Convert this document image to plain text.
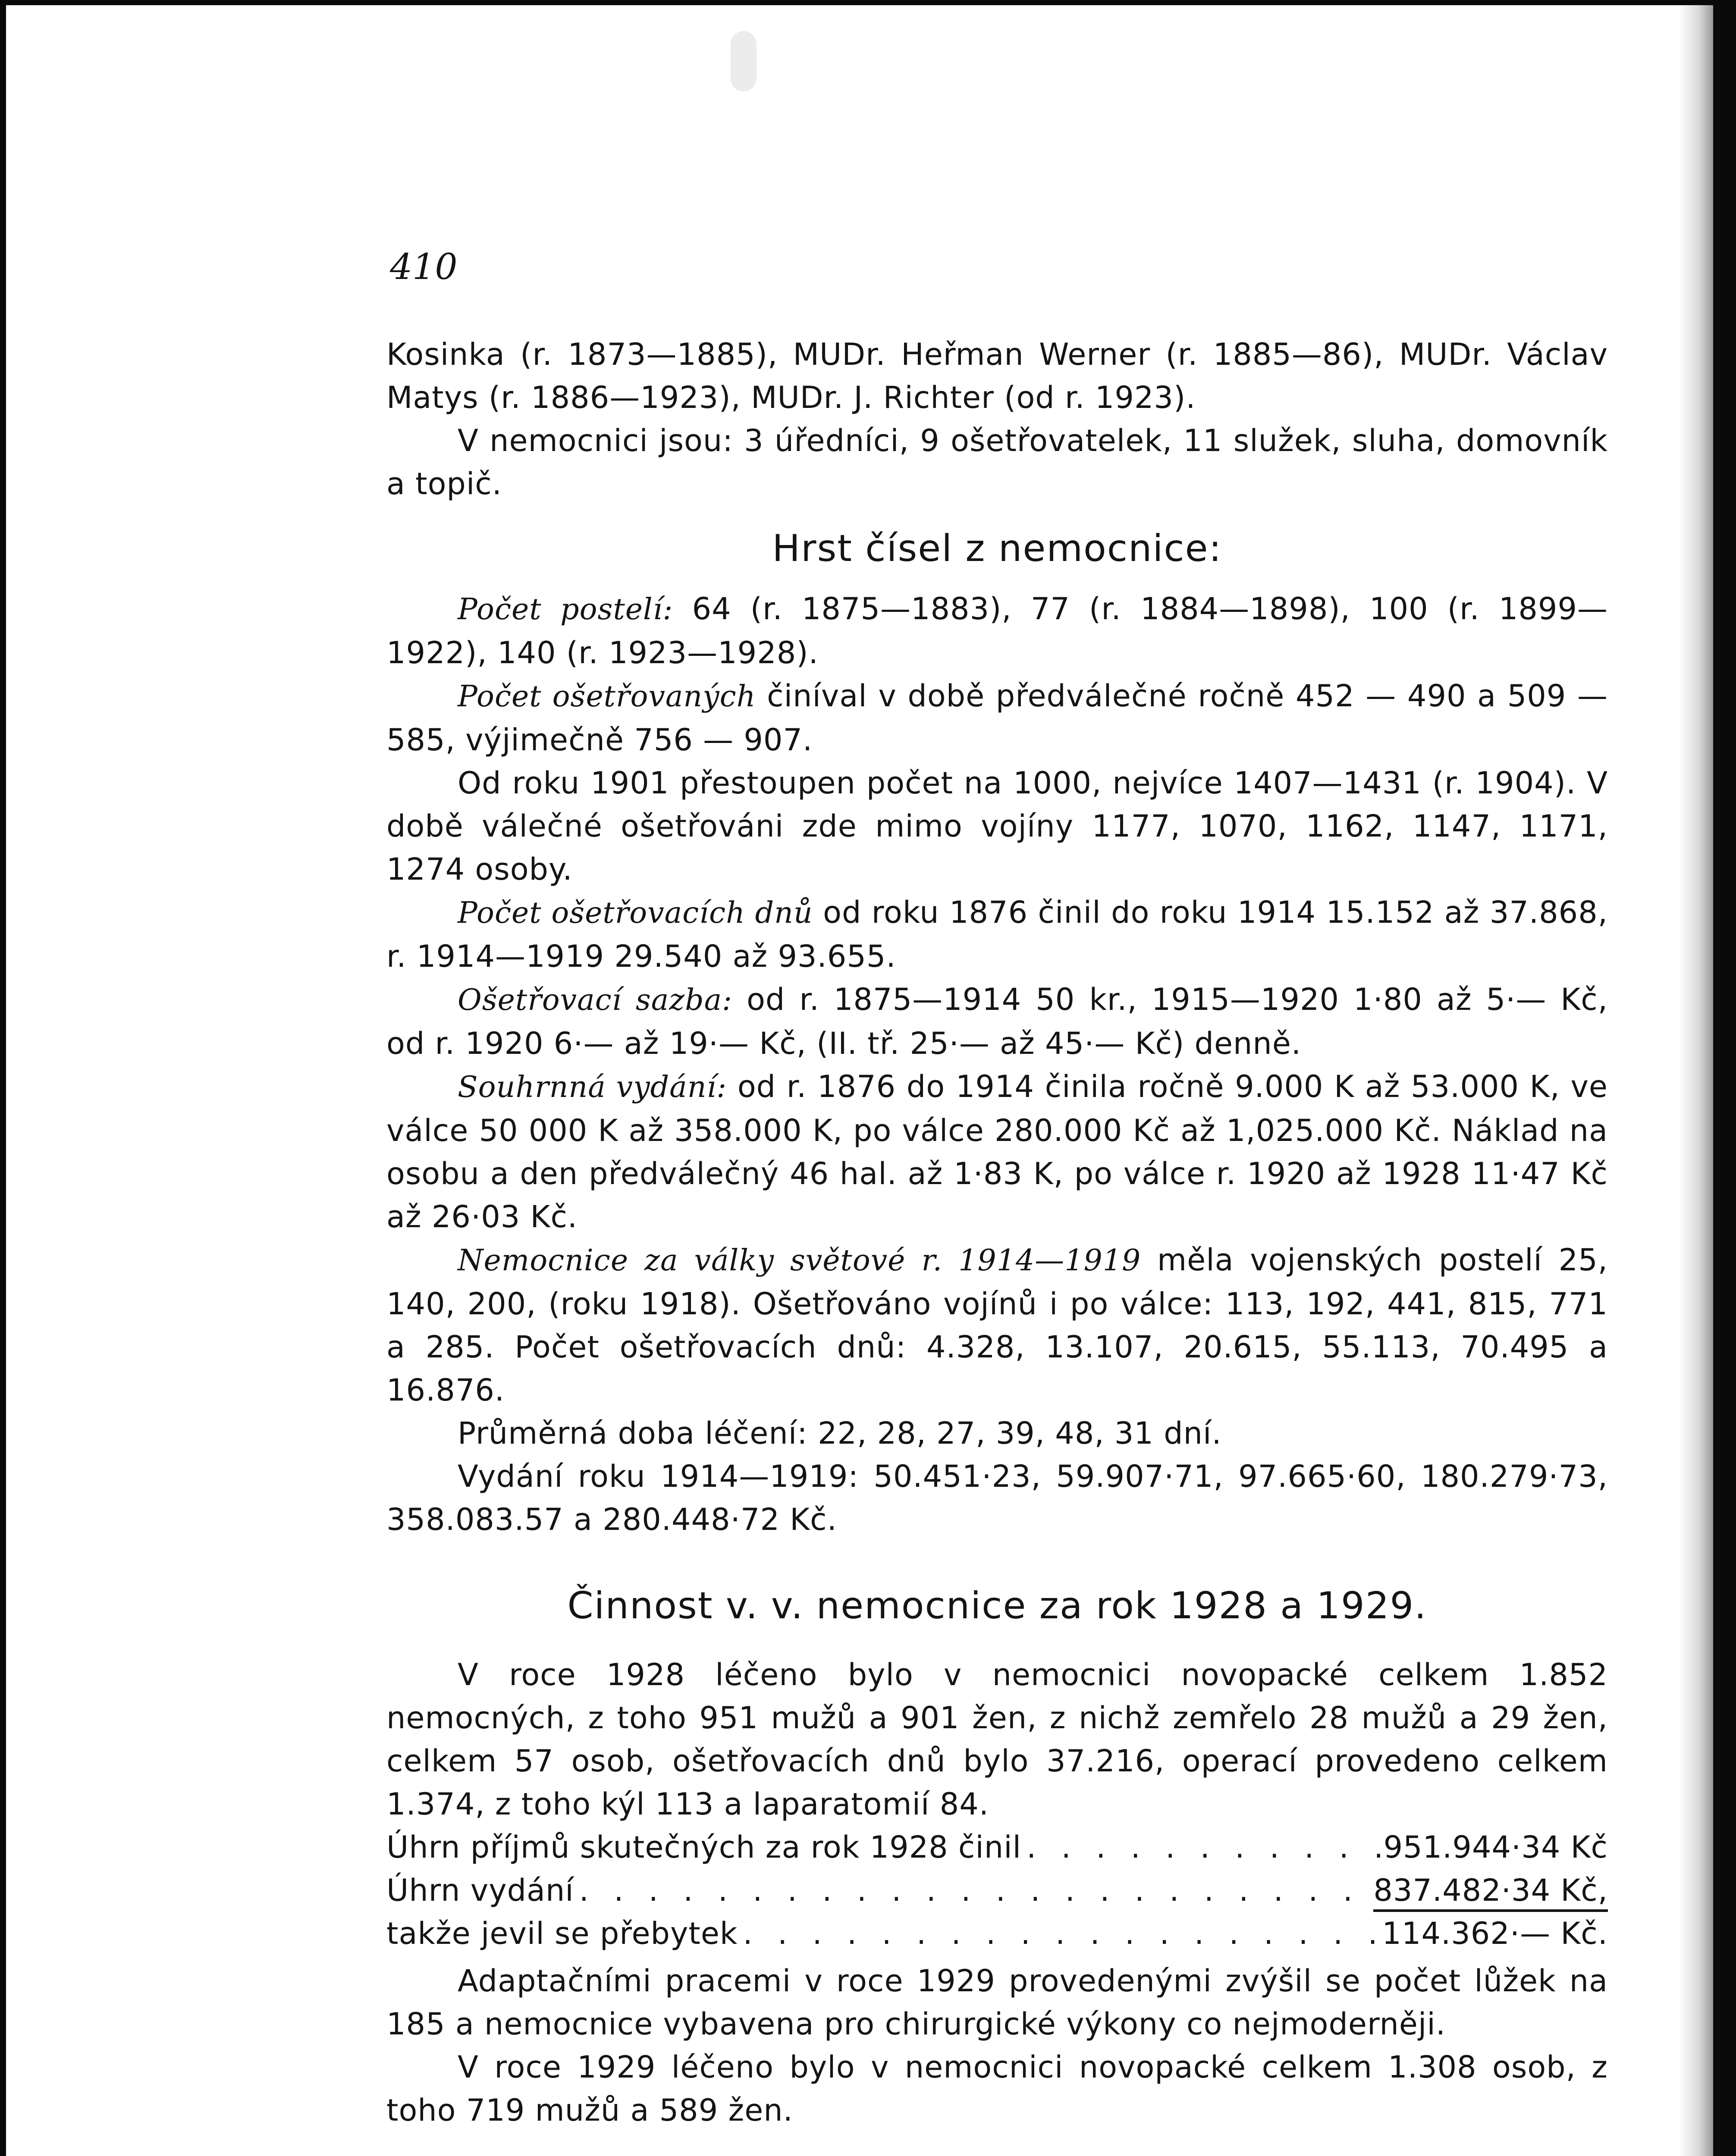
410

Kosinka (r. 1873—1885), MUDr. Heřman Werner (r. 1885—86), MUDr. Václav Matys (r. 1886—1923), MUDr. J. Richter (od r. 1923).

V nemocnici jsou: 3 úředníci, 9 ošetřovatelek, 11 služek, sluha, domovník a topič.

Hrst čísel z nemocnice:

Počet postelí: 64 (r. 1875—1883), 77 (r. 1884—1898), 100 (r. 1899—1922), 140 (r. 1923—1928).

Počet ošetřovaných činíval v době předválečné ročně 452 — 490 a 509 — 585, výjimečně 756 — 907.

Od roku 1901 přestoupen počet na 1000, nejvíce 1407—1431 (r. 1904). V době válečné ošetřováni zde mimo vojíny 1177, 1070, 1162, 1147, 1171, 1274 osoby.

Počet ošetřovacích dnů od roku 1876 činil do roku 1914 15.152 až 37.868, r. 1914—1919 29.540 až 93.655.

Ošetřovací sazba: od r. 1875—1914 50 kr., 1915—1920 1·80 až 5·— Kč, od r. 1920 6·— až 19·— Kč, (II. tř. 25·— až 45·— Kč) denně.

Souhrnná vydání: od r. 1876 do 1914 činila ročně 9.000 K až 53.000 K, ve válce 50 000 K až 358.000 K, po válce 280.000 Kč až 1,025.000 Kč. Náklad na osobu a den předválečný 46 hal. až 1·83 K, po válce r. 1920 až 1928 11·47 Kč až 26·03 Kč.

Nemocnice za války světové r. 1914—1919 měla vojenských postelí 25, 140, 200, (roku 1918). Ošetřováno vojínů i po válce: 113, 192, 441, 815, 771 a 285. Počet ošetřovacích dnů: 4.328, 13.107, 20.615, 55.113, 70.495 a 16.876.

Průměrná doba léčení: 22, 28, 27, 39, 48, 31 dní.

Vydání roku 1914—1919: 50.451·23, 59.907·71, 97.665·60, 180.279·73, 358.083.57 a 280.448·72 Kč.

Činnost v. v. nemocnice za rok 1928 a 1929.

V roce 1928 léčeno bylo v nemocnici novopacké celkem 1.852 nemocných, z toho 951 mužů a 901 žen, z nichž zemřelo 28 mužů a 29 žen, celkem 57 osob, ošetřovacích dnů bylo 37.216, operací provedeno celkem 1.374, z toho kýl 113 a laparatomií 84.

Úhrn příjmů skutečných za rok 1928 činil . . .	951.944·34 Kč
Úhrn vydání . . .	837.482·34 Kč,
takže jevil se přebytek . . .	114.362·— Kč.

Adaptačními pracemi v roce 1929 provedenými zvýšil se počet lůžek na 185 a nemocnice vybavena pro chirurgické výkony co nejmoderněji.

V roce 1929 léčeno bylo v nemocnici novopacké celkem 1.308 osob, z toho 719 mužů a 589 žen.
